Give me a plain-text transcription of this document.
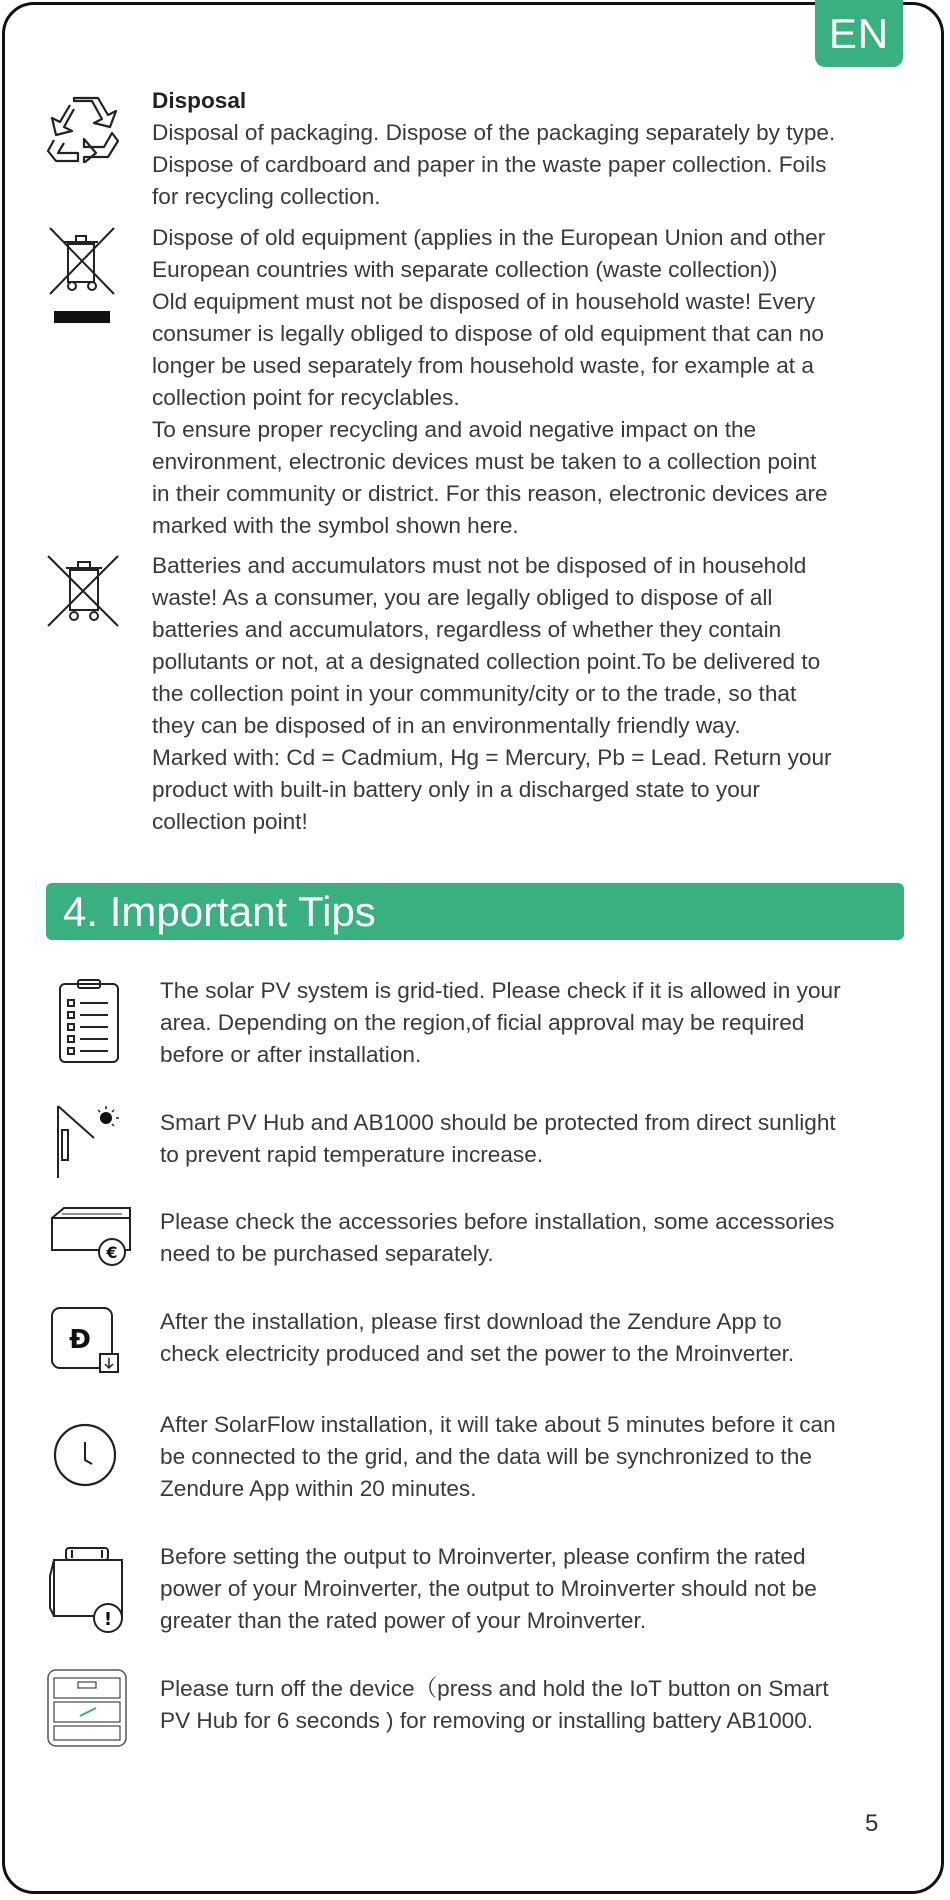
EN

Disposal

Disposal of packaging. Dispose of the packaging separately by type.

Dispose of cardboard and paper in the waste paper collection. Foils

for recycling collection.

Dispose of old equipment (applies in the European Union and other

European countries with separate collection (waste collection))

Old equipment must not be disposed of in household waste! Every

consumer is legally obliged to dispose of old equipment that can no

longer be used separately from household waste, for example at a

collection point for recyclables.

To ensure proper recycling and avoid negative impact on the

environment, electronic devices must be taken to a collection point

in their community or district. For this reason, electronic devices are

marked with the symbol shown here.

Batteries and accumulators must not be disposed of in household

waste! As a consumer, you are legally obliged to dispose of all

batteries and accumulators, regardless of whether they contain

pollutants or not, at a designated collection point.To be delivered to

the collection point in your community/city or to the trade, so that

they can be disposed of in an environmentally friendly way.

Marked with: Cd = Cadmium, Hg = Mercury, Pb = Lead. Return your

product with built-in battery only in a discharged state to your

collection point!

4. Important Tips
The solar PV system is grid-tied. Please check if it is allowed in your
area. Depending on the region,of ficial approval may be required
before or after installation.
Smart PV Hub and AB1000 should be protected from direct sunlight
to prevent rapid temperature increase.
€
Please check the accessories before installation, some accessories
need to be purchased separately.
Ɖ
After the installation, please first download the Zendure App to
check electricity produced and set the power to the Mroinverter.
After SolarFlow installation, it will take about 5 minutes before it can
be connected to the grid, and the data will be synchronized to the
Zendure App within 20 minutes.
!
Before setting the output to Mroinverter, please confirm the rated
power of your Mroinverter, the output to Mroinverter should not be
greater than the rated power of your Mroinverter.
Please turn off the device（press and hold the IoT button on Smart
PV Hub for 6 seconds ) for removing or installing battery AB1000.
5
